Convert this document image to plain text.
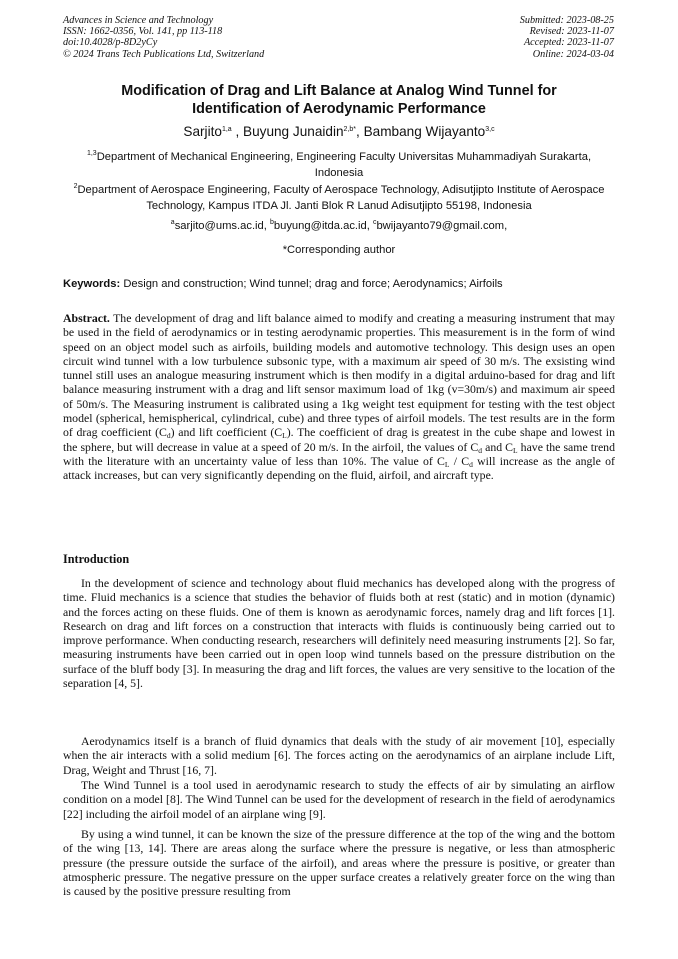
Advances in Science and Technology
ISSN: 1662-0356, Vol. 141, pp 113-118
doi:10.4028/p-8D2yCy
© 2024 Trans Tech Publications Ltd, Switzerland
Submitted: 2023-08-25
Revised: 2023-11-07
Accepted: 2023-11-07
Online: 2024-03-04
Modification of Drag and Lift Balance at Analog Wind Tunnel for
Identification of Aerodynamic Performance
Sarjito$^{1,a}$ , Buyung Junaidin$^{2,b*}$, Bambang Wijayanto$^{3,c}$
$^{1,3}$Department of Mechanical Engineering, Engineering Faculty Universitas Muhammadiyah Surakarta, Indonesia
$^2$Department of Aerospace Engineering, Faculty of Aerospace Technology, Adisutjipto Institute of Aerospace Technology, Kampus ITDA Jl. Janti Blok R Lanud Adisutjipto 55198, Indonesia
$^a$sarjito@ums.ac.id, $^b$buyung@itda.ac.id, $^c$bwijayanto79@gmail.com,
*Corresponding author
Keywords: Design and construction; Wind tunnel; drag and force; Aerodynamics; Airfoils
Abstract. The development of drag and lift balance aimed to modify and creating a measuring instrument that may be used in the field of aerodynamics or in testing aerodynamic properties. This measurement is in the form of wind speed on an object model such as airfoils, building models and automotive technology. This design uses an open circuit wind tunnel with a low turbulence subsonic type, with a maximum air speed of 30 m/s. The exsisting wind tunnel still uses an analogue measuring instrument which is then modify in a digital arduino-based for drag and lift balance measuring instrument with a drag and lift sensor maximum load of 1kg (v=30m/s) and maximum air speed of 50m/s. The Measuring instrument is calibrated using a 1kg weight test equipment for testing with the test object model (spherical, hemispherical, cylindrical, cube) and three types of airfoil models. The test results are in the form of drag coefficient $(C_d)$ and lift coefficient $(C_L)$. The coefficient of drag is greatest in the cube shape and lowest in the sphere, but will decrease in value at a speed of 20 m/s. In the airfoil, the values of $C_d$ and $C_L$ have the same trend with the literature with an uncertainty value of less than 10%. The value of $C_L / C_d$ will increase as the angle of attack increases, but can very significantly depending on the fluid, airfoil, and aircraft type.
Introduction
In the development of science and technology about fluid mechanics has developed along with the progress of time. Fluid mechanics is a science that studies the behavior of fluids both at rest (static) and in motion (dynamic) and the forces acting on these fluids. One of them is known as aerodynamic forces, namely drag and lift forces [1]. Research on drag and lift forces on a construction that interacts with fluids is continuously being carried out to improve performance. When conducting research, researchers will definitely need measuring instruments [2]. So far, measuring instruments have been carried out in open loop wind tunnels based on the pressure distribution on the surface of the bluff body [3]. In measuring the drag and lift forces, the values are very sensitive to the location of the separation [4, 5].
Aerodynamics itself is a branch of fluid dynamics that deals with the study of air movement [10], especially when the air interacts with a solid medium [6]. The forces acting on the aerodynamics of an airplane include Lift, Drag, Weight and Thrust [16, 7].
The Wind Tunnel is a tool used in aerodynamic research to study the effects of air by simulating an airflow condition on a model [8]. The Wind Tunnel can be used for the development of research in the field of aerodynamics [22] including the airfoil model of an airplane wing [9].
By using a wind tunnel, it can be known the size of the pressure difference at the top of the wing and the bottom of the wing [13, 14]. There are areas along the surface where the pressure is negative, or less than atmospheric pressure (the pressure outside the surface of the airfoil), and areas where the pressure is positive, or greater than atmospheric pressure. The negative pressure on the upper surface creates a relatively greater force on the wing than is caused by the positive pressure resulting from
